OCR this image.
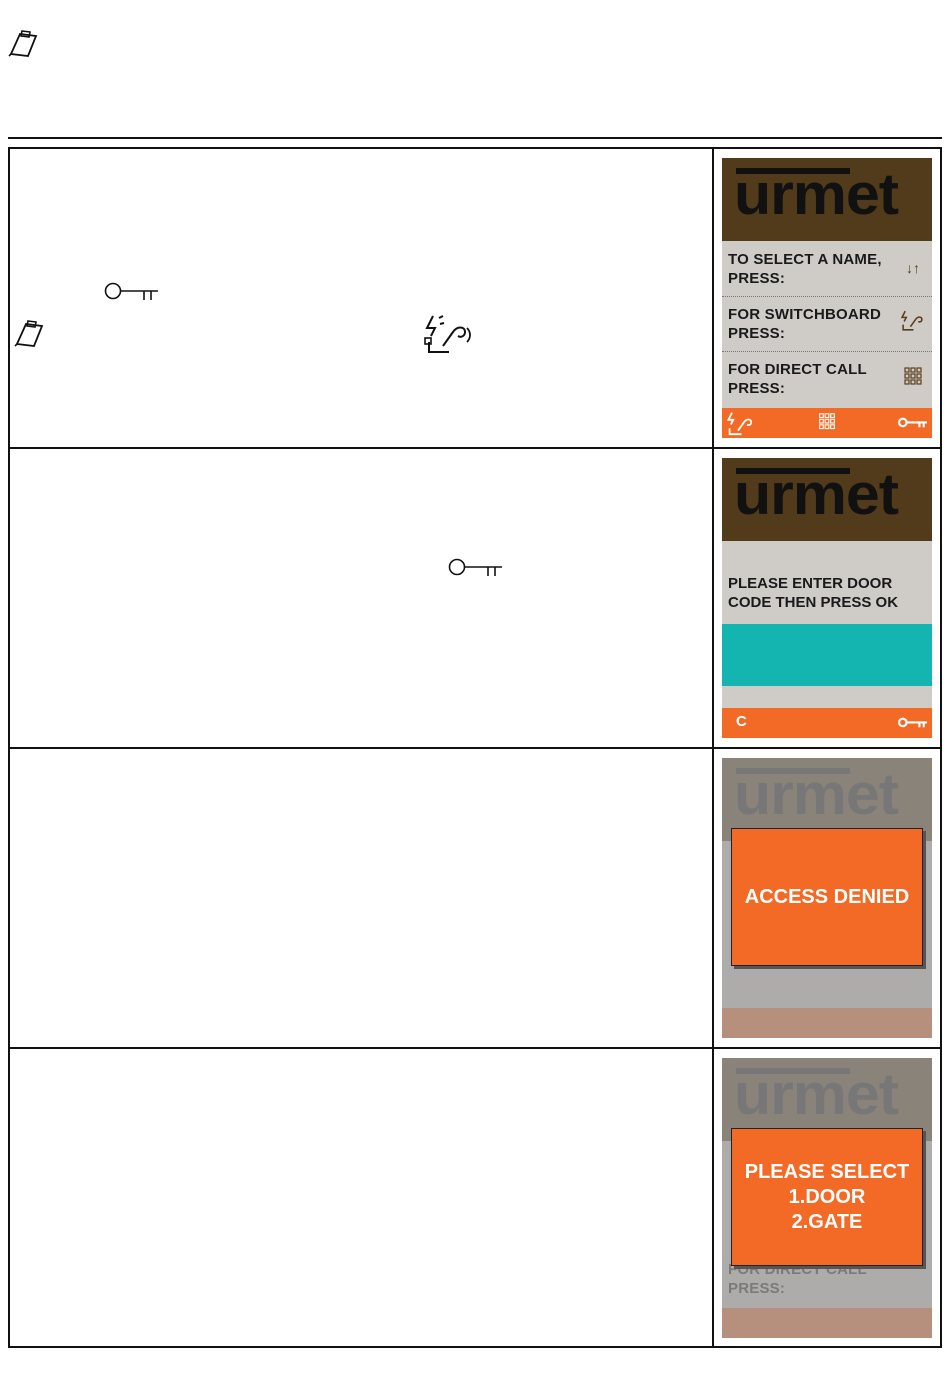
urmet
TO SELECT A NAME,
PRESS:
↓↑
FOR SWITCHBOARD
PRESS:
FOR DIRECT CALL
PRESS:
urmet
PLEASE ENTER DOOR
CODE THEN PRESS OK
C
ACCESS DENIED
PLEASE SELECT
1.DOOR
2.GATE
